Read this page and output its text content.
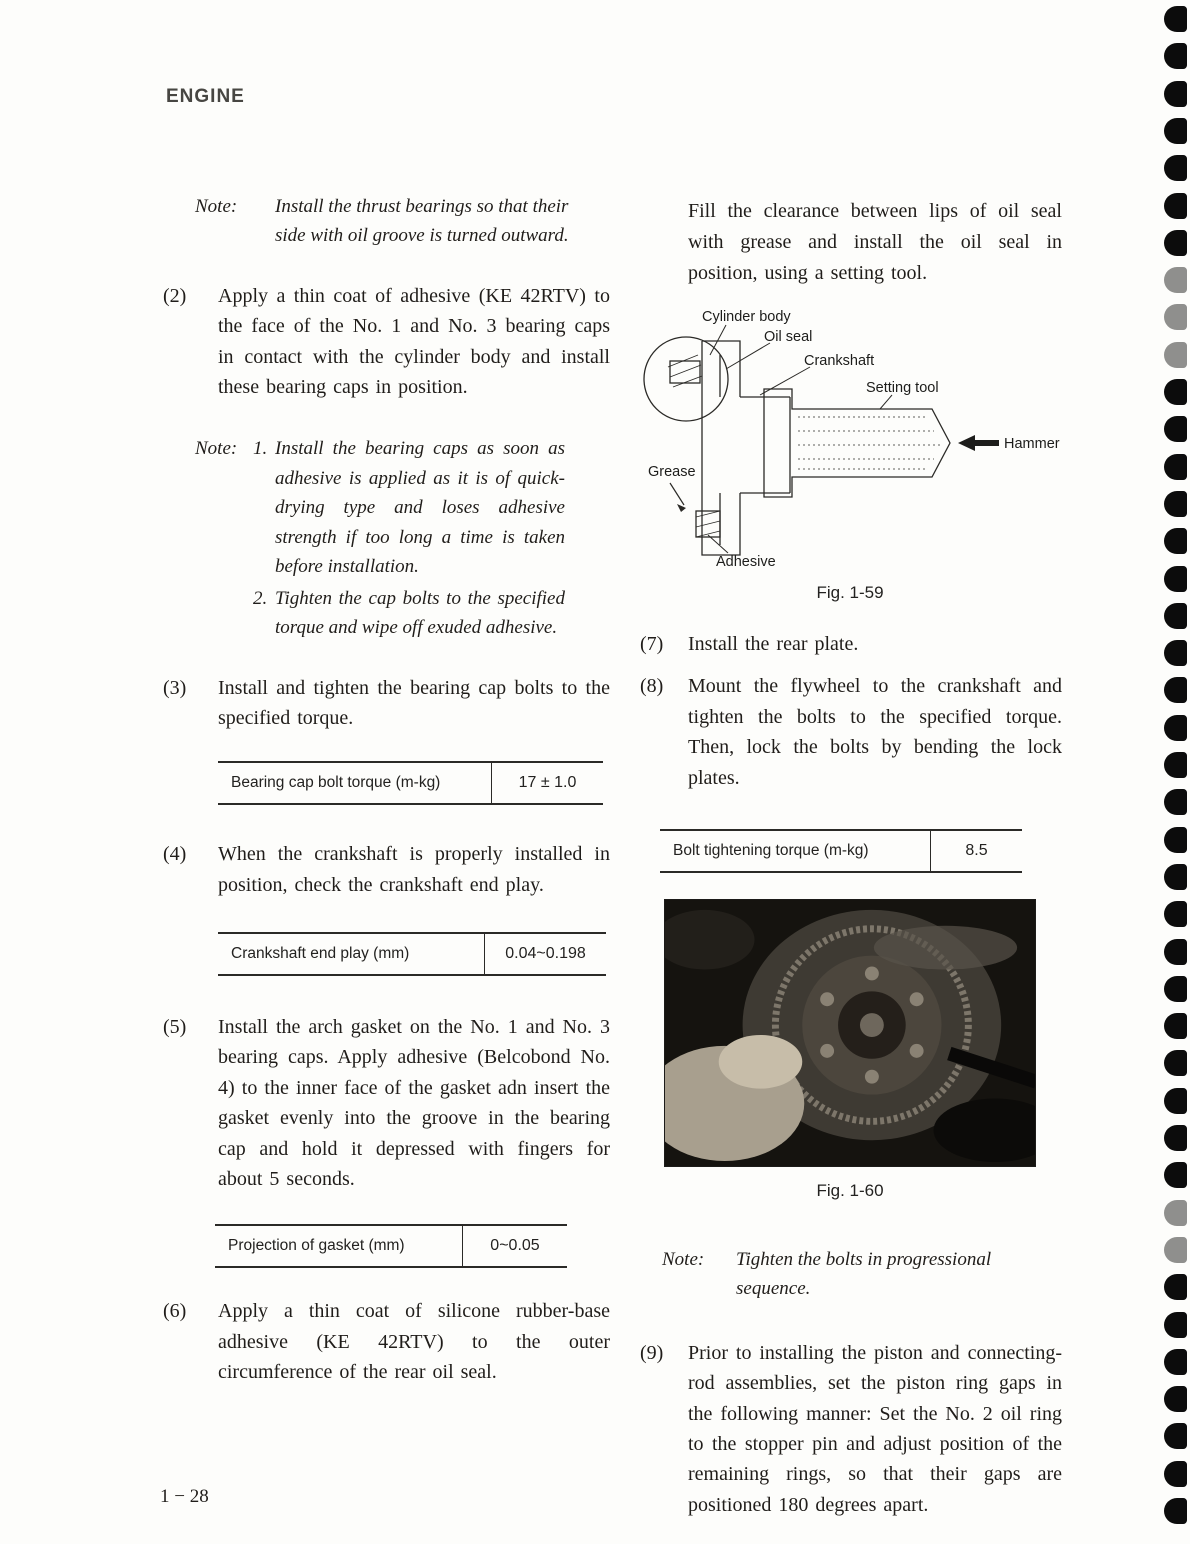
ENGINE
Note:	Install the thrust bearings so that their side with oil groove is turned outward.
(2)	Apply a thin coat of adhesive (KE 42RTV) to the face of the No. 1 and No. 3 bearing caps in contact with the cylinder body and install these bearing caps in position.
Note: 1. Install the bearing caps as soon as adhesive is applied as it is of quick-drying type and loses adhesive strength if too long a time is taken before installation.
2. Tighten the cap bolts to the specified torque and wipe off exuded adhesive.
(3)	Install and tighten the bearing cap bolts to the specified torque.
Bearing cap bolt torque (m-kg)	17 ± 1.0
(4)	When the crankshaft is properly installed in position, check the crankshaft end play.
Crankshaft end play (mm)	0.04~0.198
(5)	Install the arch gasket on the No. 1 and No. 3 bearing caps. Apply adhesive (Belcobond No. 4) to the inner face of the gasket adn insert the gasket evenly into the groove in the bearing cap and hold it depressed with fingers for about 5 seconds.
Projection of gasket (mm)	0~0.05
(6)	Apply a thin coat of silicone rubber-base adhesive (KE 42RTV) to the outer circumference of the rear oil seal.
Fill the clearance between lips of oil seal with grease and install the oil seal in position, using a setting tool.
Cylinder body
Oil seal
Crankshaft
Setting tool
Hammer
Grease
Adhesive
Fig. 1-59
(7)	Install the rear plate.
(8)	Mount the flywheel to the crankshaft and tighten the bolts to the specified torque. Then, lock the bolts by bending the lock plates.
Bolt tightening torque (m-kg)	8.5
Fig. 1-60
Note:	Tighten the bolts in progressional sequence.
(9)	Prior to installing the piston and connecting-rod assemblies, set the piston ring gaps in the following manner: Set the No. 2 oil ring to the stopper pin and adjust position of the remaining rings, so that their gaps are positioned 180 degrees apart.
1 − 28
